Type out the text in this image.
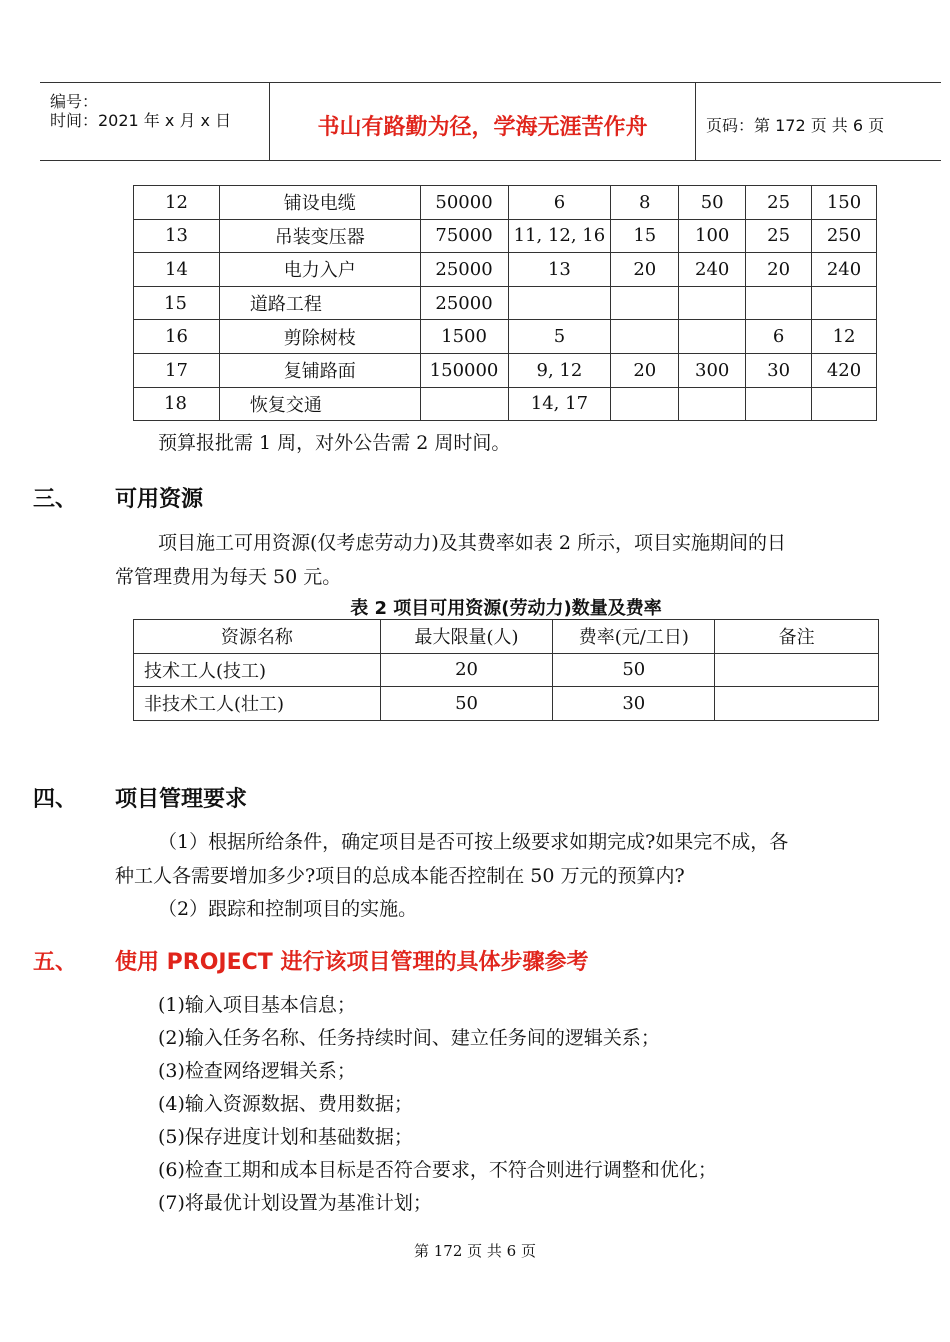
编号：
时间：2021 年 x 月 x 日	书山有路勤为径，学海无涯苦作舟	页码：第 172 页 共 6 页
12	铺设电缆	50000	6	8	50	25	150
13	吊装变压器	75000	11, 12, 16	15	100	25	250
14	电力入户	25000	13	20	240	20	240
15	道路工程	25000					
16	剪除树枝	1500	5			6	12
17	复铺路面	150000	9, 12	20	300	30	420
18	恢复交通		14, 17				
预算报批需 1 周，对外公告需 2 周时间。
三、 可用资源
项目施工可用资源(仅考虑劳动力)及其费率如表 2 所示，项目实施期间的日
常管理费用为每天 50 元。
表 2 项目可用资源(劳动力)数量及费率
资源名称	最大限量(人)	费率(元/工日)	备注
技术工人(技工)	20	50	
非技术工人(壮工)	50	30	
四、 项目管理要求
（1）根据所给条件，确定项目是否可按上级要求如期完成?如果完不成，各
种工人各需要增加多少?项目的总成本能否控制在 50 万元的预算内?
（2）跟踪和控制项目的实施。
五、 使用 PROJECT 进行该项目管理的具体步骤参考
(1)输入项目基本信息；
(2)输入任务名称、任务持续时间、建立任务间的逻辑关系；
(3)检查网络逻辑关系；
(4)输入资源数据、费用数据；
(5)保存进度计划和基础数据；
(6)检查工期和成本目标是否符合要求，不符合则进行调整和优化；
(7)将最优计划设置为基准计划；
第 172 页 共 6 页
